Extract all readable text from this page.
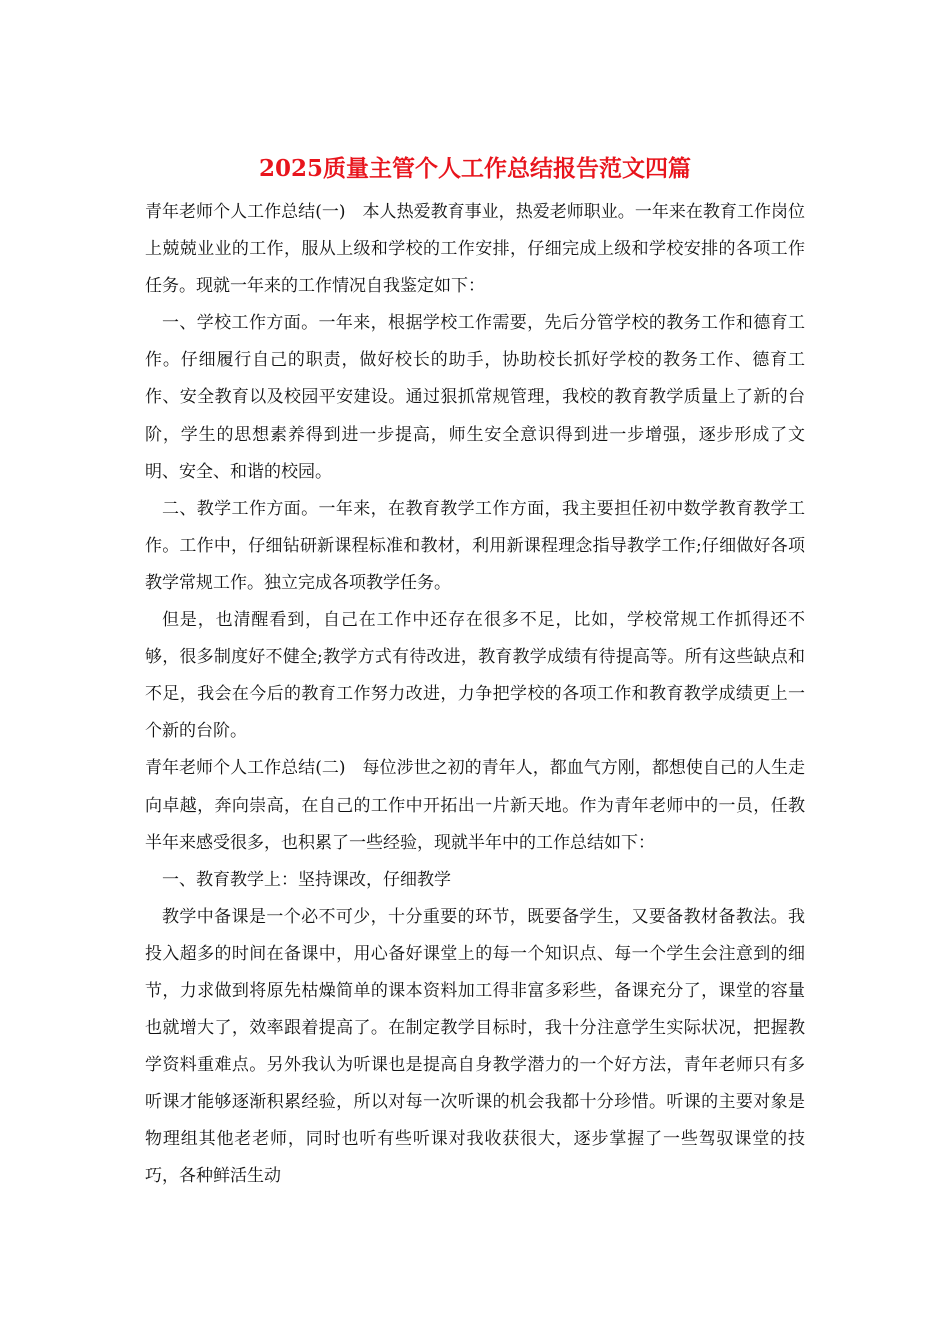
2025质量主管个人工作总结报告范文四篇

青年老师个人工作总结(一)　本人热爱教育事业，热爱老师职业。一年来在教育工作岗位上兢兢业业的工作，服从上级和学校的工作安排，仔细完成上级和学校安排的各项工作任务。现就一年来的工作情况自我鉴定如下：

一、学校工作方面。一年来，根据学校工作需要，先后分管学校的教务工作和德育工作。仔细履行自己的职责，做好校长的助手，协助校长抓好学校的教务工作、德育工作、安全教育以及校园平安建设。通过狠抓常规管理，我校的教育教学质量上了新的台阶，学生的思想素养得到进一步提高，师生安全意识得到进一步增强，逐步形成了文明、安全、和谐的校园。

二、教学工作方面。一年来，在教育教学工作方面，我主要担任初中数学教育教学工作。工作中，仔细钻研新课程标准和教材，利用新课程理念指导教学工作;仔细做好各项教学常规工作。独立完成各项教学任务。

但是，也清醒看到，自己在工作中还存在很多不足，比如，学校常规工作抓得还不够，很多制度好不健全;教学方式有待改进，教育教学成绩有待提高等。所有这些缺点和不足，我会在今后的教育工作努力改进，力争把学校的各项工作和教育教学成绩更上一个新的台阶。

青年老师个人工作总结(二)　每位涉世之初的青年人，都血气方刚，都想使自己的人生走向卓越，奔向崇高，在自己的工作中开拓出一片新天地。作为青年老师中的一员，任教半年来感受很多，也积累了一些经验，现就半年中的工作总结如下：

一、教育教学上：坚持课改，仔细教学

教学中备课是一个必不可少，十分重要的环节，既要备学生，又要备教材备教法。我投入超多的时间在备课中，用心备好课堂上的每一个知识点、每一个学生会注意到的细节，力求做到将原先枯燥简单的课本资料加工得非富多彩些，备课充分了，课堂的容量也就增大了，效率跟着提高了。在制定教学目标时，我十分注意学生实际状况，把握教学资料重难点。另外我认为听课也是提高自身教学潜力的一个好方法，青年老师只有多听课才能够逐渐积累经验，所以对每一次听课的机会我都十分珍惜。听课的主要对象是物理组其他老老师，同时也听有些听课对我收获很大，逐步掌握了一些驾驭课堂的技巧，各种鲜活生动
